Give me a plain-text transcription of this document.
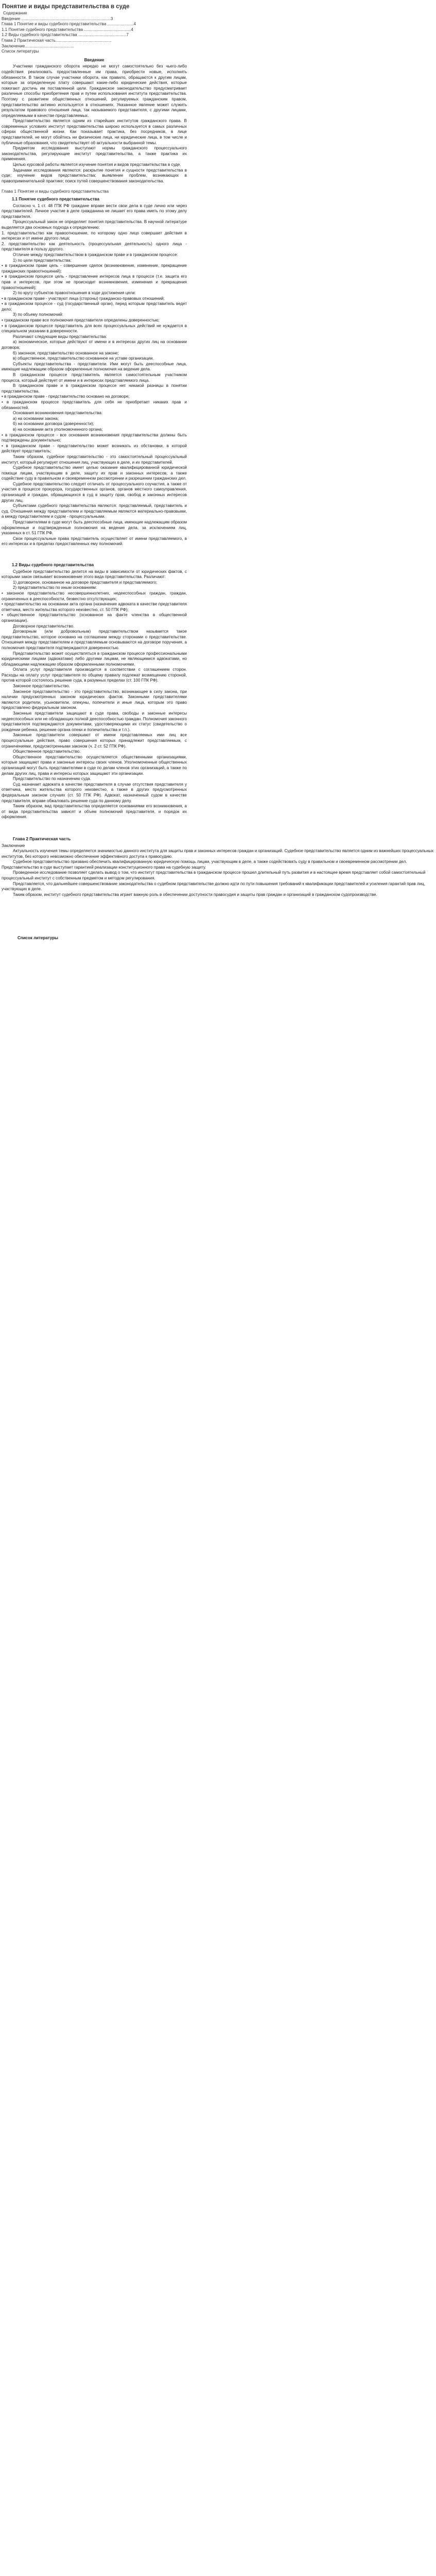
Понятие и виды представительства в суде
Содержание
Введение ..............................................................................3
Глава 1 Понятие и виды судебного представительства .......................4
1.1 Понятие судебного представительства .........................................4
1.2 Виды судебного представительства ..........................................7
Глава 2 Практическая часть.................................................
Заключение...........................................
Список литературы
Введение

Участники гражданского оборота нередко не могут самостоятельно без чьего-либо содействия реализовать предоставленные им права, приобрести новые, исполнить обязанности. В таком случае участники оборота, как правило, обращаются к другим лицам, которые за определенную плату совершают какие-либо юридические действия, которые помогают достичь им поставленной цели. Гражданское законодательство предусматривает различные способы приобретения прав и путем использования института представительства. Поэтому с развитием общественных отношений, регулируемых гражданским правом, представительство активно используется в отношениях. Указанное явление может служить результатом правового отношения лица, так называемого представителя, с другими лицами, определяемыми в качестве представляемых.

Представительство является одним из старейших институтов гражданского права. В современных условиях институт представительства широко используется в самых различных сферах общественной жизни. Как показывает практика, без посредников, в лице представителей, не могут обойтись ни физические лица, ни юридические лица, в том числе и публичные образования, что свидетельствует об актуальности выбранной темы.

Предметом исследования выступают нормы гражданского процессуального законодательства, регулирующие институт представительства, а также практика их применения.

Целью курсовой работы является изучение понятия и видов представительства в суде.

Задачами исследования являются: раскрытие понятия и сущности представительства в суде; изучение видов представительства; выявление проблем, возникающих в правоприменительной практике; поиск путей совершенствования законодательства.

Глава 1 Понятие и виды судебного представительства
1.1 Понятие судебного представительства

Согласно ч. 1 ст. 48 ГПК РФ граждане вправе вести свои дела в суде лично или через представителей. Личное участие в деле гражданина не лишает его права иметь по этому делу представителя.

Процессуальный закон не определяет понятия представительства. В научной литературе выделяется два основных подхода к определению:

1. представительство как правоотношение, по которому одно лицо совершает действия в интересах и от имени другого лица;

2. представительство как деятельность (процессуальная деятельность) одного лица - представителя в пользу другого.

Отличие между представительством в гражданском праве и в гражданском процессе:

1) по цели представительства:

• в гражданском праве цель - совершение сделок (возникновение, изменение, прекращение гражданских правоотношений);

• в гражданском процессе цель - представление интересов лица в процессе (т.е. защита его прав и интересов, при этом не происходит возникновения, изменения и прекращения правоотношений);

2) по кругу субъектов правоотношения в ходе достижения цели:

• в гражданском праве - участвуют лица (стороны) гражданско-правовых отношений;

• в гражданском процессе - суд (государственный орган), перед которым представитель ведет дело;

3) по объему полномочий:

• гражданском праве все полномочия представителя определены доверенностью;

• в гражданском процессе представитель для всех процессуальных действий не нуждается в специальном указании в доверенности.

Различают следующие виды представительства:

а) экономическое, которые действуют от имени и в интересах других лиц на основании договора;

б) законное, представительство основанное на законе;

в) общественное, представительство основанное на уставе организации.

Субъекты представительства - представители. Ими могут быть дееспособные лица, имеющие надлежащим образом оформленные полномочия на ведение дела.

В гражданском процессе представитель является самостоятельным участником процесса, который действует от имени и в интересах представляемого лица.

В гражданском праве и в гражданском процессе нет никакой разницы в понятии представительства.

• в гражданском праве - представительство основано на договоре;

• в гражданском процессе представитель для себя не приобретает никаких прав и обязанностей.

Основания возникновения представительства:

а) на основании закона;

б) на основании договора (доверенности);

в) на основании акта уполномоченного органа;

• в гражданском процессе - все основания возникновения представительства должны быть подтверждены документально;

• в гражданском праве - представительство может возникать из обстановки, в которой действует представитель;

Таким образом, судебное представительство - это самостоятельный процессуальный институт, который регулирует отношения лиц, участвующих в деле, и их представителей.

Судебное представительство имеет целью оказание квалифицированной юридической помощи лицам, участвующим в деле, защиту их прав и законных интересов, а также содействие суду в правильном и своевременном рассмотрении и разрешении гражданских дел.

Судебное представительство следует отличать от процессуального соучастия, а также от участия в процессе прокурора, государственных органов, органов местного самоуправления, организаций и граждан, обращающихся в суд в защиту прав, свобод и законных интересов других лиц.

Субъектами судебного представительства являются: представляемый, представитель и суд. Отношения между представителем и представляемым являются материально-правовыми, а между представителем и судом - процессуальными.

Представителями в суде могут быть дееспособные лица, имеющие надлежащим образом оформленные и подтвержденные полномочия на ведение дела, за исключением лиц, указанных в ст. 51 ГПК РФ.

Свои процессуальные права представитель осуществляет от имени представляемого, в его интересах и в пределах предоставленных ему полномочий.

1.2 Виды судебного представительства

Судебное представительство делится на виды в зависимости от юридических фактов, с которыми закон связывает возникновение этого вида представительства. Различают:

1) договорное, основанное на договоре представителя и представляемого;

2) представительство по иным основаниям:

• законное представительство несовершеннолетних, недееспособных граждан, граждан, ограниченных в дееспособности, безвестно отсутствующих;

• представительство на основании акта органа (назначение адвоката в качестве представителя ответчика, место жительства которого неизвестно, ст. 50 ГПК РФ);

• общественное представительство (основанное на факте членства в общественной организации).

Договорное представительство.

Договорным (или добровольным) представительством называется такое представительство, которое основано на соглашении между сторонами о представительстве. Отношения между представителем и представляемым основываются на договоре поручения, а полномочия представителя подтверждаются доверенностью.

Представительство может осуществляться в гражданском процессе профессиональными юридическими лицами (адвокатами) либо другими лицами, не являющимися адвокатами, но обладающими надлежащим образом оформленными полномочиями.

Оплата услуг представителя производится в соответствии с соглашением сторон. Расходы на оплату услуг представителя по общему правилу подлежат возмещению стороной, против которой состоялось решение суда, в разумных пределах (ст. 100 ГПК РФ).

Законное представительство.

Законное представительство - это представительство, возникающее в силу закона, при наличии предусмотренных законом юридических фактов. Законными представителями являются родители, усыновители, опекуны, попечители и иные лица, которым это право предоставлено федеральным законом.

Законные представители защищают в суде права, свободы и законные интересы недееспособных или не обладающих полной дееспособностью граждан. Полномочия законного представителя подтверждаются документами, удостоверяющими их статус (свидетельство о рождении ребенка, решение органа опеки и попечительства и т.п.).

Законные представители совершают от имени представляемых ими лиц все процессуальные действия, право совершения которых принадлежит представляемым, с ограничениями, предусмотренными законом (ч. 2 ст. 52 ГПК РФ).

Общественное представительство.

Общественное представительство осуществляется общественными организациями, которые защищают права и законные интересы своих членов. Уполномоченные общественных организаций могут быть представителями в суде по делам членов этих организаций, а также по делам других лиц, права и интересы которых защищают эти организации.

Представительство по назначению суда.

Суд назначает адвоката в качестве представителя в случае отсутствия представителя у ответчика, место жительства которого неизвестно, а также в других предусмотренных федеральным законом случаях (ст. 50 ГПК РФ). Адвокат, назначенный судом в качестве представителя, вправе обжаловать решение суда по данному делу.

Таким образом, вид представительства определяется основаниями его возникновения, а от вида представительства зависят и объем полномочий представителя, и порядок их оформления.

Глава 2 Практическая часть

Заключение

Актуальность изучения темы определяется значимостью данного института для защиты прав и законных интересов граждан и организаций. Судебное представительство является одним из важнейших процессуальных институтов, без которого невозможно обеспечение эффективного доступа к правосудию.

Судебное представительство призвано обеспечить квалифицированную юридическую помощь лицам, участвующим в деле, а также содействовать суду в правильном и своевременном рассмотрении дел. Представительство в суде выступает гарантией реализации конституционного права на судебную защиту.

Проведенное исследование позволяет сделать вывод о том, что институт представительства в гражданском процессе прошел длительный путь развития и в настоящее время представляет собой самостоятельный процессуальный институт с собственным предметом и методом регулирования.

Представляется, что дальнейшее совершенствование законодательства о судебном представительстве должно идти по пути повышения требований к квалификации представителей и усиления гарантий прав лиц, участвующих в деле.

Таким образом, институт судебного представительства играет важную роль в обеспечении доступности правосудия и защиты прав граждан и организаций в гражданском судопроизводстве.

Список литературы
